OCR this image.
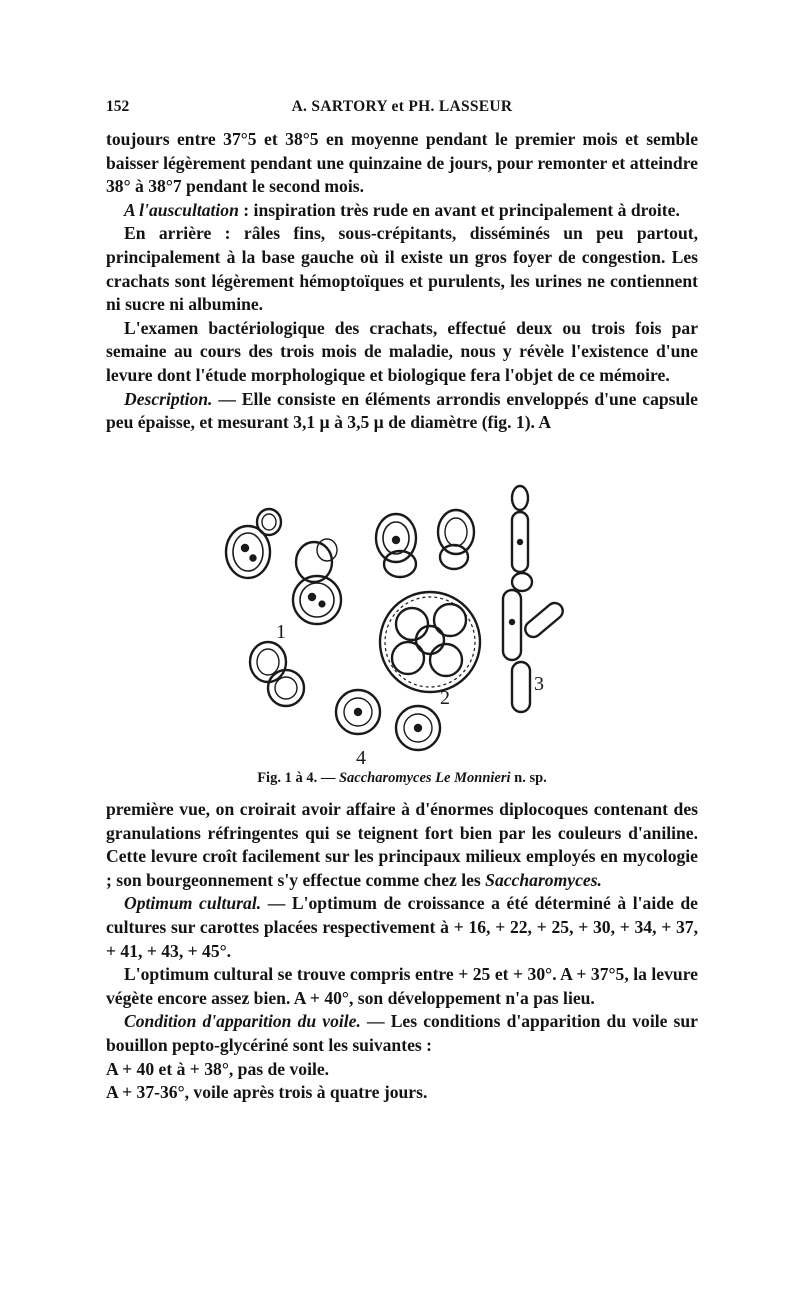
152	A. SARTORY et PH. LASSEUR

toujours entre 37°5 et 38°5 en moyenne pendant le premier mois et semble baisser légèrement pendant une quinzaine de jours, pour remonter et atteindre 38° à 38°7 pendant le second mois.

A l'auscultation : inspiration très rude en avant et principalement à droite.

En arrière : râles fins, sous-crépitants, disséminés un peu partout, principalement à la base gauche où il existe un gros foyer de congestion. Les crachats sont légèrement hémoptoïques et purulents, les urines ne contiennent ni sucre ni albumine.

L'examen bactériologique des crachats, effectué deux ou trois fois par semaine au cours des trois mois de maladie, nous y révèle l'existence d'une levure dont l'étude morphologique et biologique fera l'objet de ce mémoire.

Description. — Elle consiste en éléments arrondis enveloppés d'une capsule peu épaisse, et mesurant 3,1 µ à 3,5 µ de diamètre (fig. 1). A

1
2
3
4
Fig. 1 à 4. — Saccharomyces Le Monnieri n. sp.

première vue, on croirait avoir affaire à d'énormes diplocoques contenant des granulations réfringentes qui se teignent fort bien par les couleurs d'aniline. Cette levure croît facilement sur les principaux milieux employés en mycologie ; son bourgeonnement s'y effectue comme chez les Saccharomyces.

Optimum cultural. — L'optimum de croissance a été déterminé à l'aide de cultures sur carottes placées respectivement à + 16, + 22, + 25, + 30, + 34, + 37, + 41, + 43, + 45°.

L'optimum cultural se trouve compris entre + 25 et + 30°. A + 37°5, la levure végète encore assez bien. A + 40°, son développement n'a pas lieu.

Condition d'apparition du voile. — Les conditions d'apparition du voile sur bouillon pepto-glycériné sont les suivantes :

A + 40 et à + 38°, pas de voile.

A + 37-36°, voile après trois à quatre jours.
